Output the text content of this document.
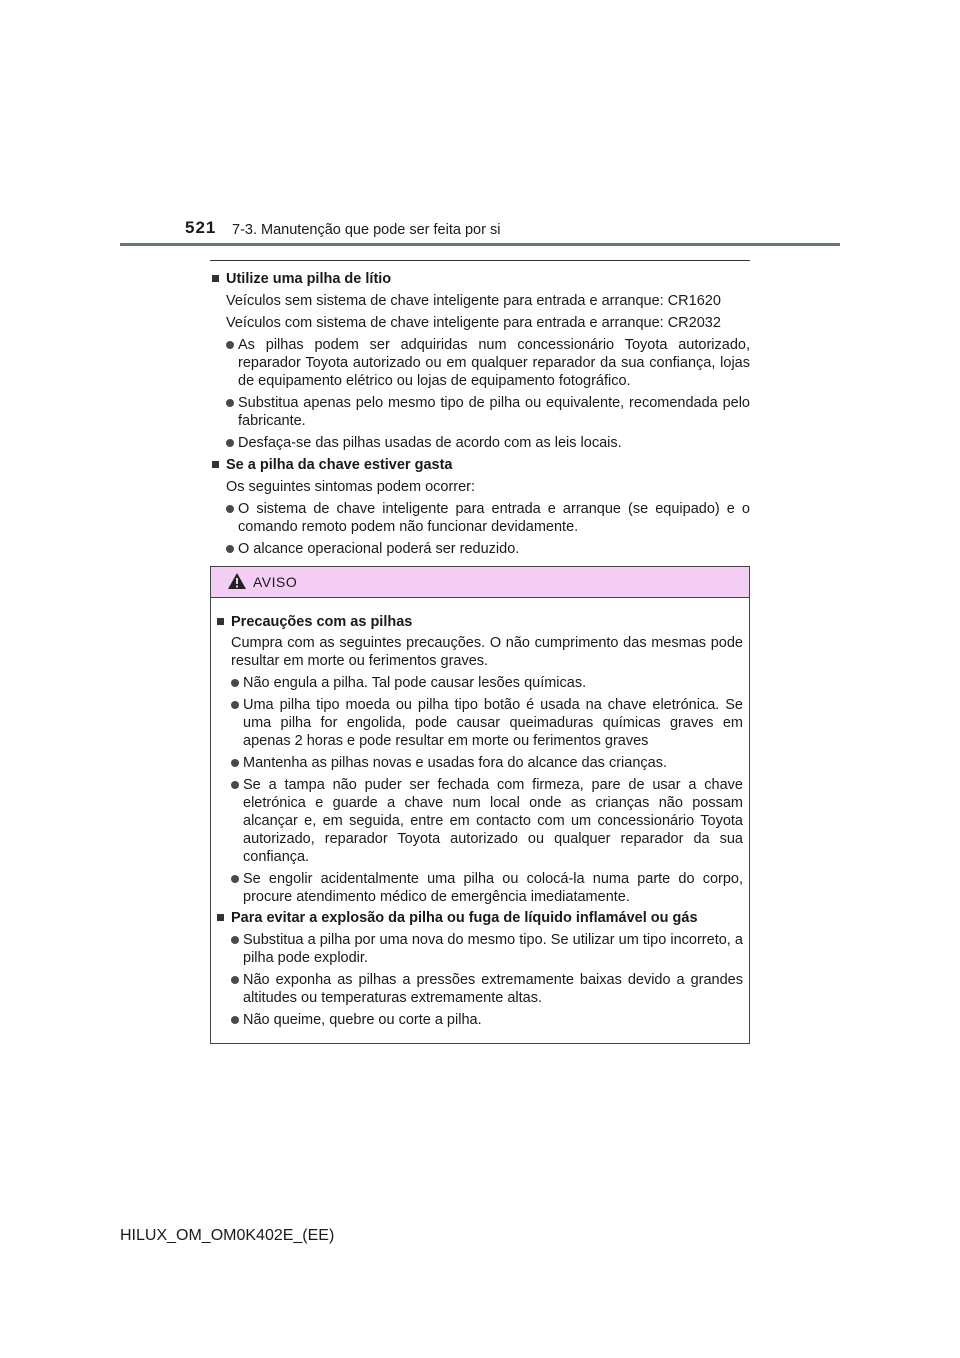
521 7-3. Manutenção que pode ser feita por si
Utilize uma pilha de lítio
Veículos sem sistema de chave inteligente para entrada e arranque: CR1620
Veículos com sistema de chave inteligente para entrada e arranque: CR2032
As pilhas podem ser adquiridas num concessionário Toyota autorizado, reparador Toyota autorizado ou em qualquer reparador da sua confiança, lojas de equipamento elétrico ou lojas de equipamento fotográfico.
Substitua apenas pelo mesmo tipo de pilha ou equivalente, recomendada pelo fabricante.
Desfaça-se das pilhas usadas de acordo com as leis locais.
Se a pilha da chave estiver gasta
Os seguintes sintomas podem ocorrer:
O sistema de chave inteligente para entrada e arranque (se equipado) e o comando remoto podem não funcionar devidamente.
O alcance operacional poderá ser reduzido.
AVISO
Precauções com as pilhas
Cumpra com as seguintes precauções. O não cumprimento das mesmas pode resultar em morte ou ferimentos graves.
Não engula a pilha. Tal pode causar lesões químicas.
Uma pilha tipo moeda ou pilha tipo botão é usada na chave eletrónica. Se uma pilha for engolida, pode causar queimaduras químicas graves em apenas 2 horas e pode resultar em morte ou ferimentos graves
Mantenha as pilhas novas e usadas fora do alcance das crianças.
Se a tampa não puder ser fechada com firmeza, pare de usar a chave eletrónica e guarde a chave num local onde as crianças não possam alcançar e, em seguida, entre em contacto com um concessionário Toyota autorizado, reparador Toyota autorizado ou qualquer reparador da sua confiança.
Se engolir acidentalmente uma pilha ou colocá-la numa parte do corpo, procure atendimento médico de emergência imediatamente.
Para evitar a explosão da pilha ou fuga de líquido inflamável ou gás
Substitua a pilha por uma nova do mesmo tipo. Se utilizar um tipo incorreto, a pilha pode explodir.
Não exponha as pilhas a pressões extremamente baixas devido a grandes altitudes ou temperaturas extremamente altas.
Não queime, quebre ou corte a pilha.
HILUX_OM_OM0K402E_(EE)
